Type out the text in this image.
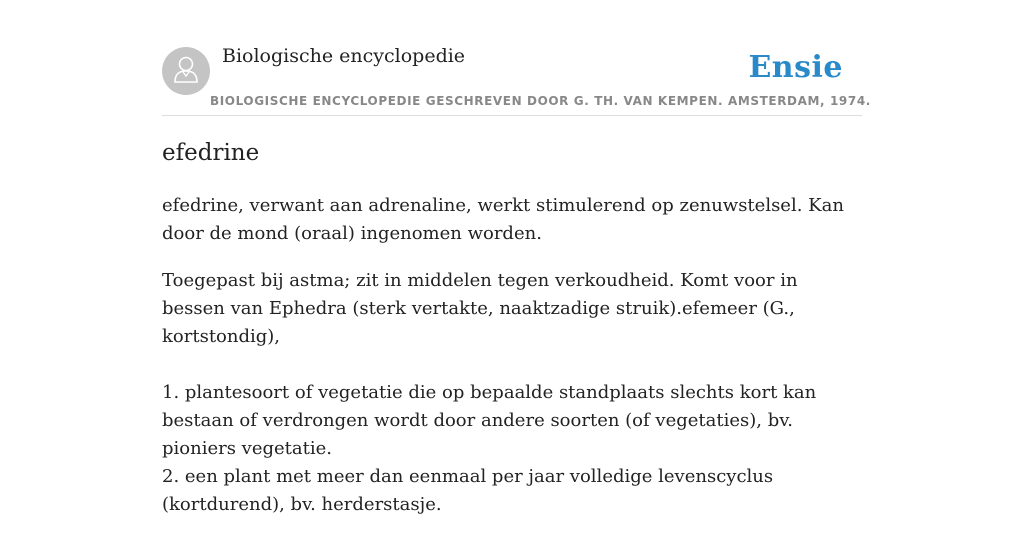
Biologische encyclopedie	Ensie
BIOLOGISCHE ENCYCLOPEDIE GESCHREVEN DOOR G. TH. VAN KEMPEN. AMSTERDAM, 1974.
efedrine

efedrine, verwant aan adrenaline, werkt stimulerend op zenuwstelsel. Kan door de mond (oraal) ingenomen worden.

Toegepast bij astma; zit in middelen tegen verkoudheid. Komt voor in bessen van Ephedra (sterk vertakte, naaktzadige struik).efemeer (G., kortstondig),

1. plantesoort of vegetatie die op bepaalde standplaats slechts kort kan bestaan of verdrongen wordt door andere soorten (of vegetaties), bv. pioniers vegetatie.
2. een plant met meer dan eenmaal per jaar volledige levenscyclus (kortdurend), bv. herderstasje.
